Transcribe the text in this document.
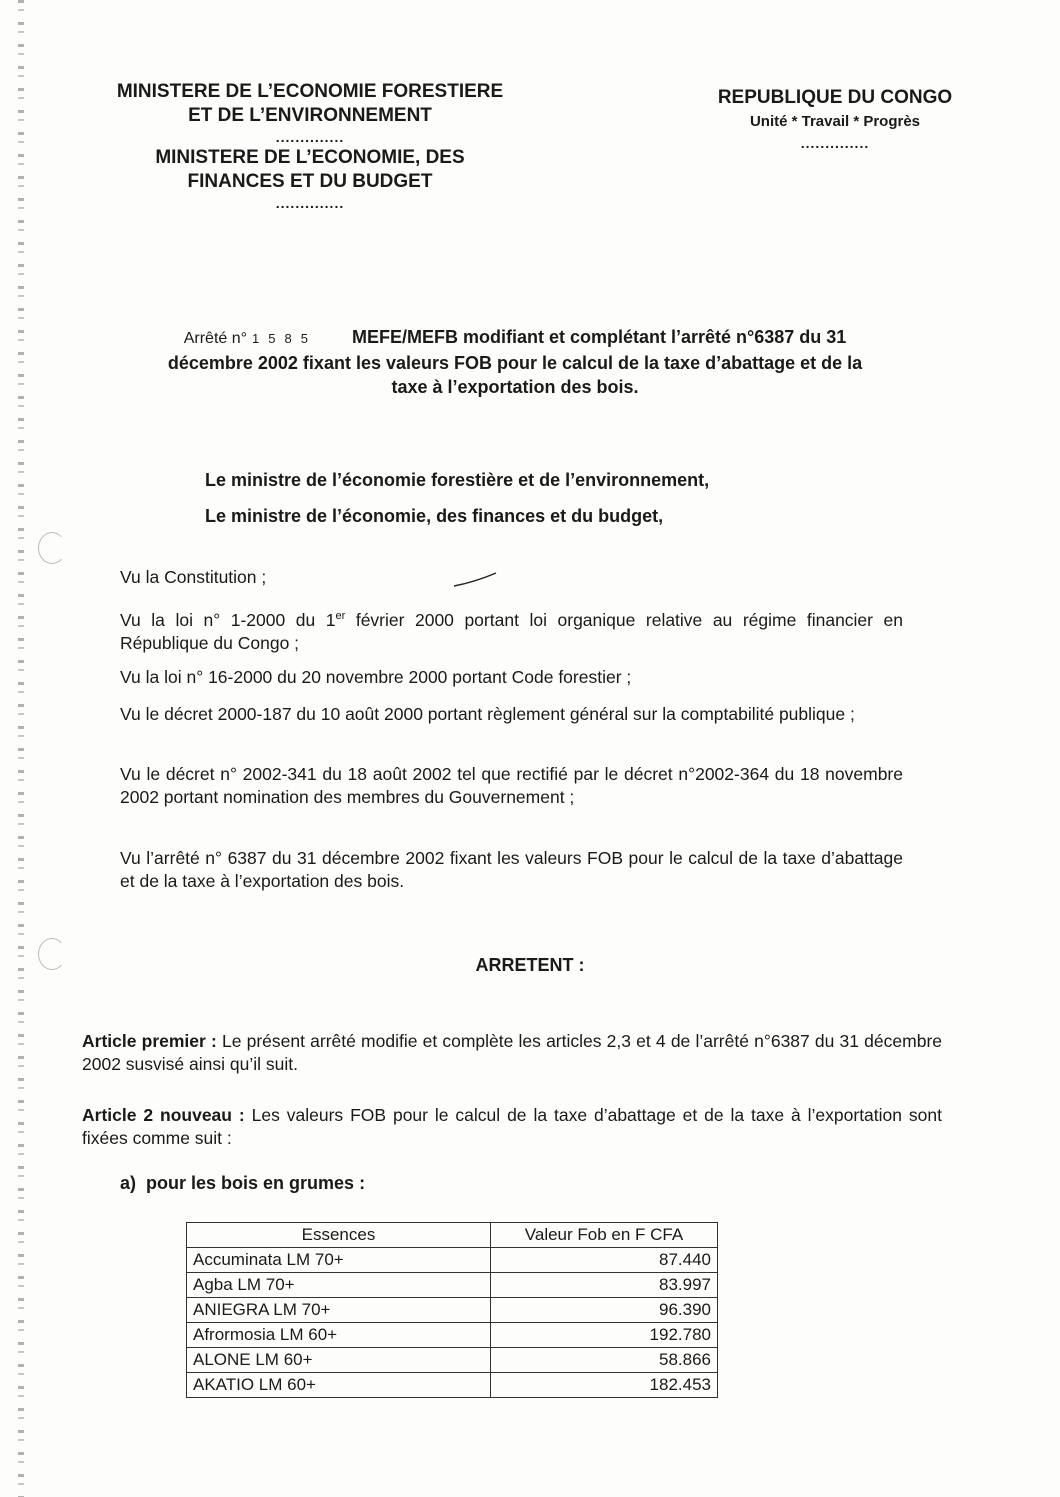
MINISTERE DE L’ECONOMIE FORESTIERE
ET DE L’ENVIRONNEMENT
..............
MINISTERE DE L’ECONOMIE, DES
FINANCES ET DU BUDGET
..............
REPUBLIQUE DU CONGO
Unité * Travail * Progrès
..............
Arrêté n° 1585 MEFE/MEFB modifiant et complétant l’arrêté n°6387 du 31
décembre 2002 fixant les valeurs FOB pour le calcul de la taxe d’abattage et de la
taxe à l’exportation des bois.
Le ministre de l’économie forestière et de l’environnement,
Le ministre de l’économie, des finances et du budget,
Vu la Constitution ;
Vu la loi n° 1-2000 du 1er février 2000 portant loi organique relative au régime financier en République du Congo ;
Vu la loi n° 16-2000 du 20 novembre 2000 portant Code forestier ;
Vu le décret 2000-187 du 10 août 2000 portant règlement général sur la comptabilité publique ;
Vu le décret n° 2002-341 du 18 août 2002 tel que rectifié par le décret n°2002-364 du 18 novembre 2002 portant nomination des membres du Gouvernement ;
Vu l’arrêté n° 6387 du 31 décembre 2002 fixant les valeurs FOB pour le calcul de la taxe d’abattage et de la taxe à l’exportation des bois.
ARRETENT :
Article premier : Le présent arrêté modifie et complète les articles 2,3 et 4 de l’arrêté n°6387 du 31 décembre 2002 susvisé ainsi qu’il suit.
Article 2 nouveau : Les valeurs FOB pour le calcul de la taxe d’abattage et de la taxe à l’exportation sont fixées comme suit :
a) pour les bois en grumes :
Essences	Valeur Fob en F CFA
Accuminata LM 70+	87.440
Agba LM 70+	83.997
ANIEGRA LM 70+	96.390
Afrormosia LM 60+	192.780
ALONE LM 60+	58.866
AKATIO LM 60+	182.453
